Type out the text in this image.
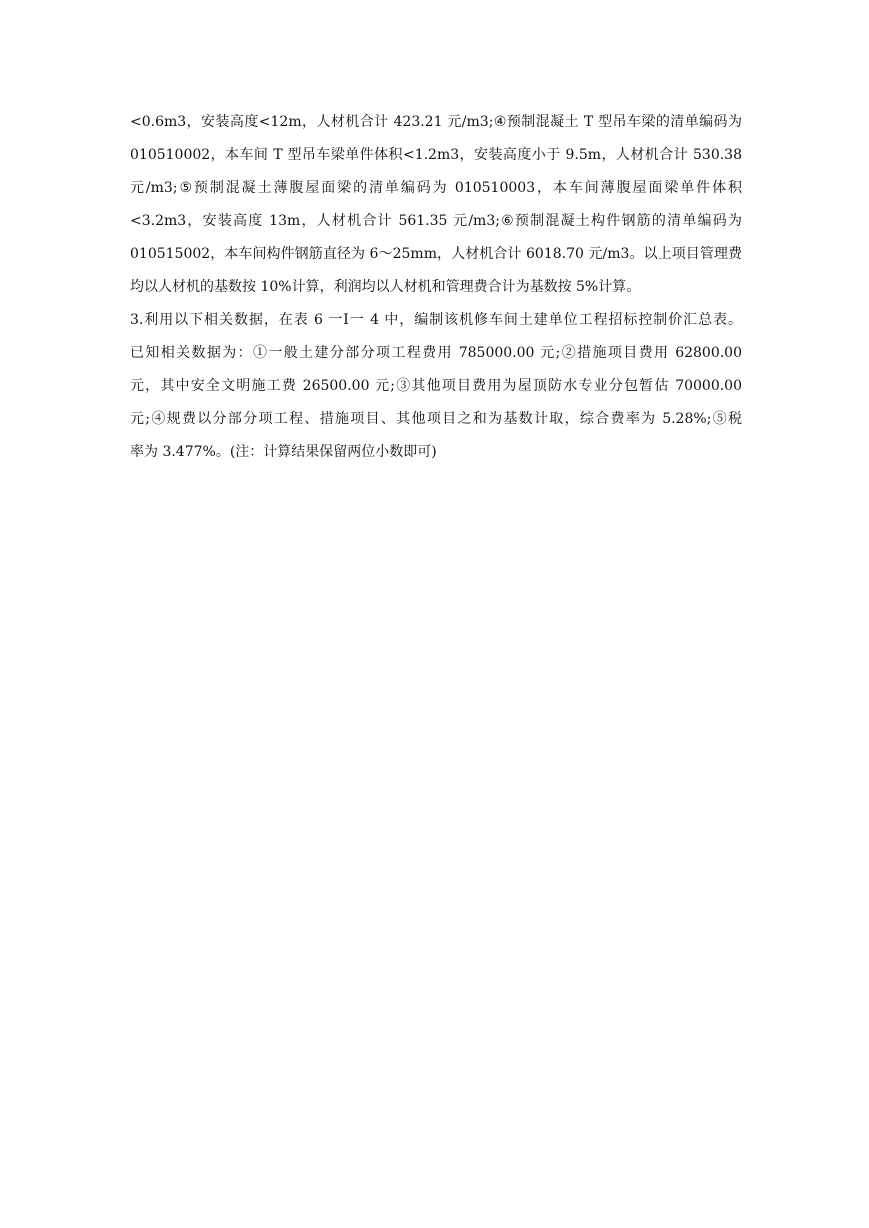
<0.6m3，安装高度<12m，人材机合计 423.21 元/m3;④预制混凝土 T 型吊车梁的清单编码为
010510002，本车间 T 型吊车梁单件体积<1.2m3，安装高度小于 9.5m，人材机合计 530.38
元/m3;⑤预制混凝土薄腹屋面梁的清单编码为 010510003，本车间薄腹屋面梁单件体积
<3.2m3，安装高度 13m，人材机合计 561.35 元/m3;⑥预制混凝土构件钢筋的清单编码为
010515002，本车间构件钢筋直径为 6～25mm，人材机合计 6018.70 元/m3。以上项目管理费
均以人材机的基数按 10%计算，利润均以人材机和管理费合计为基数按 5%计算。
3.利用以下相关数据，在表 6 一Ⅰ一 4 中，编制该机修车间土建单位工程招标控制价汇总表。
已知相关数据为：①一般土建分部分项工程费用 785000.00 元;②措施项目费用 62800.00
元，其中安全文明施工费 26500.00 元;③其他项目费用为屋顶防水专业分包暂估 70000.00
元;④规费以分部分项工程、措施项目、其他项目之和为基数计取，综合费率为 5.28%;⑤税
率为 3.477%。(注：计算结果保留两位小数即可)
